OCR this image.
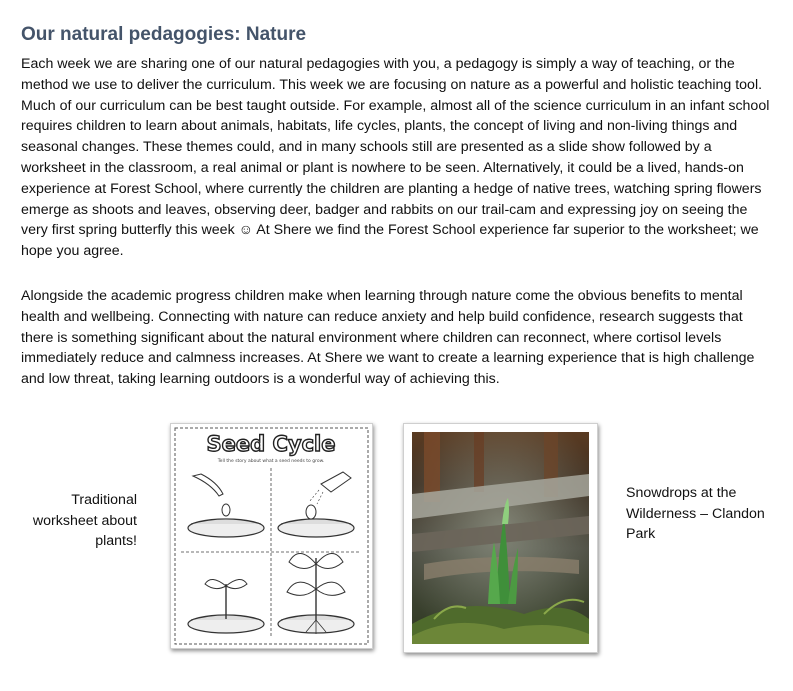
Our natural pedagogies: Nature

Each week we are sharing one of our natural pedagogies with you, a pedagogy is simply a way of teaching, or the method we use to deliver the curriculum. This week we are focusing on nature as a powerful and holistic teaching tool. Much of our curriculum can be best taught outside. For example, almost all of the science curriculum in an infant school requires children to learn about animals, habitats, life cycles, plants, the concept of living and non-living things and seasonal changes. These themes could, and in many schools still are presented as a slide show followed by a worksheet in the classroom, a real animal or plant is nowhere to be seen. Alternatively, it could be a lived, hands-on experience at Forest School, where currently the children are planting a hedge of native trees, watching spring flowers emerge as shoots and leaves, observing deer, badger and rabbits on our trail-cam and expressing joy on seeing the very first spring butterfly this week ☺ At Shere we find the Forest School experience far superior to the worksheet; we hope you agree.

Alongside the academic progress children make when learning through nature come the obvious benefits to mental health and wellbeing. Connecting with nature can reduce anxiety and help build confidence, research suggests that there is something significant about the natural environment where children can reconnect, where cortisol levels immediately reduce and calmness increases. At Shere we want to create a learning experience that is high challenge and low threat, taking learning outdoors is a wonderful way of achieving this.

Traditional worksheet about plants!
Seed Cycle
Tell the story about what a seed needs to grow.
Snowdrops at the Wilderness – Clandon Park
